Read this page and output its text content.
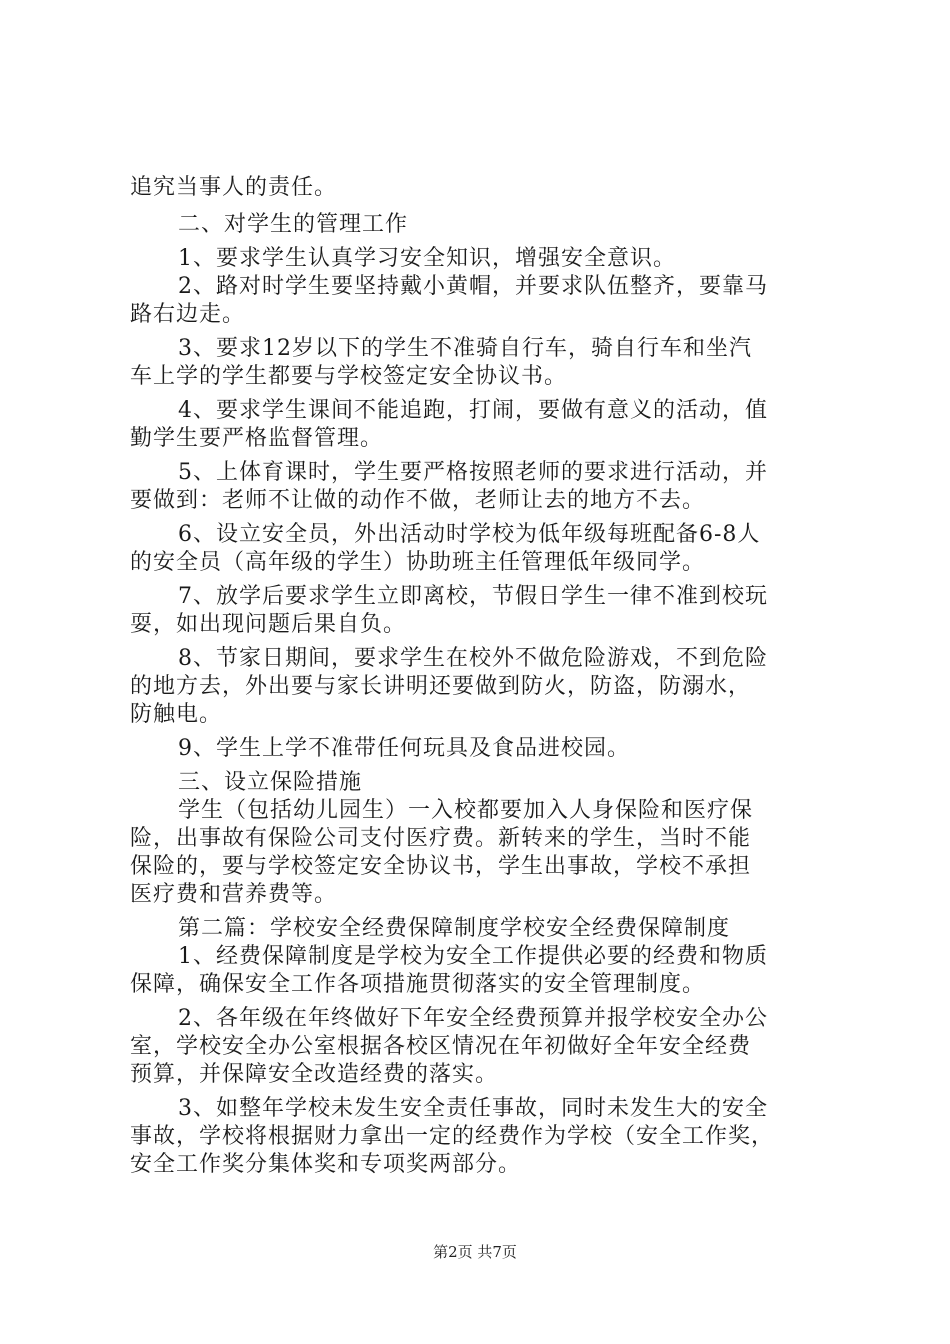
追究当事人的责任。
二、对学生的管理工作
1、要求学生认真学习安全知识，增强安全意识。
2、路对时学生要坚持戴小黄帽，并要求队伍整齐，要靠马
路右边走。
3、要求12岁以下的学生不准骑自行车，骑自行车和坐汽
车上学的学生都要与学校签定安全协议书。
4、要求学生课间不能追跑，打闹，要做有意义的活动，值
勤学生要严格监督管理。
5、上体育课时，学生要严格按照老师的要求进行活动，并
要做到：老师不让做的动作不做，老师让去的地方不去。
6、设立安全员，外出活动时学校为低年级每班配备6-8人
的安全员（高年级的学生）协助班主任管理低年级同学。
7、放学后要求学生立即离校，节假日学生一律不准到校玩
耍，如出现问题后果自负。
8、节家日期间，要求学生在校外不做危险游戏，不到危险
的地方去，外出要与家长讲明还要做到防火，防盗，防溺水，
防触电。
9、学生上学不准带任何玩具及食品进校园。
三、设立保险措施
学生（包括幼儿园生）一入校都要加入人身保险和医疗保
险，出事故有保险公司支付医疗费。新转来的学生，当时不能
保险的，要与学校签定安全协议书，学生出事故，学校不承担
医疗费和营养费等。
第二篇：学校安全经费保障制度学校安全经费保障制度
1、经费保障制度是学校为安全工作提供必要的经费和物质
保障，确保安全工作各项措施贯彻落实的安全管理制度。
2、各年级在年终做好下年安全经费预算并报学校安全办公
室，学校安全办公室根据各校区情况在年初做好全年安全经费
预算，并保障安全改造经费的落实。
3、如整年学校未发生安全责任事故，同时未发生大的安全
事故，学校将根据财力拿出一定的经费作为学校（安全工作奖，
安全工作奖分集体奖和专项奖两部分。
第2页 共7页
